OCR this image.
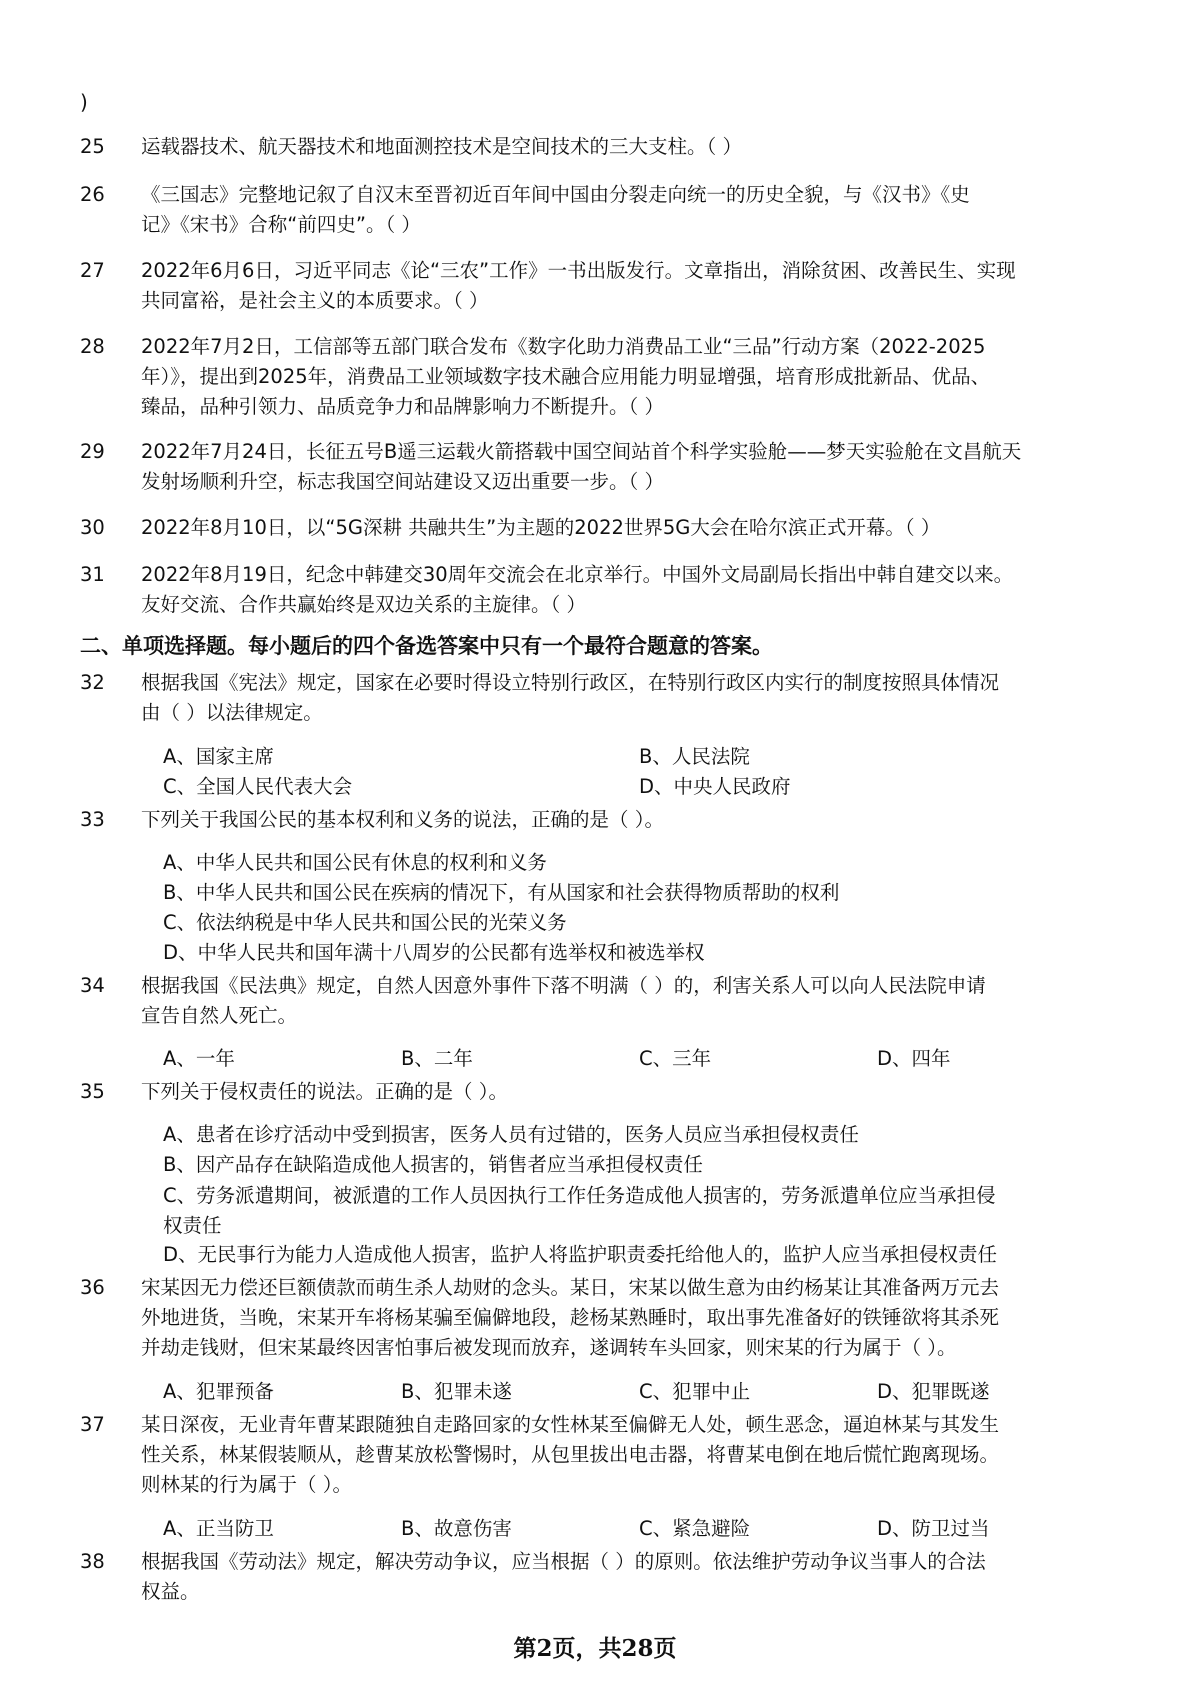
)
25 运载器技术、航天器技术和地面测控技术是空间技术的三大支柱。（ ）
26 《三国志》完整地记叙了自汉末至晋初近百年间中国由分裂走向统一的历史全貌，与《汉书》《史
记》《宋书》合称“前四史”。（ ）
27 2022年6月6日，习近平同志《论“三农”工作》一书出版发行。文章指出，消除贫困、改善民生、实现
共同富裕，是社会主义的本质要求。（ ）
28 2022年7月2日，工信部等五部门联合发布《数字化助力消费品工业“三品”行动方案（2022-2025
年）》，提出到2025年，消费品工业领域数字技术融合应用能力明显增强，培育形成批新品、优品、
臻品，品种引领力、品质竞争力和品牌影响力不断提升。（ ）
29 2022年7月24日，长征五号B遥三运载火箭搭载中国空间站首个科学实验舱——梦天实验舱在文昌航天
发射场顺利升空，标志我国空间站建设又迈出重要一步。（ ）
30 2022年8月10日，以“5G深耕 共融共生”为主题的2022世界5G大会在哈尔滨正式开幕。（ ）
31 2022年8月19日，纪念中韩建交30周年交流会在北京举行。中国外文局副局长指出中韩自建交以来。
友好交流、合作共赢始终是双边关系的主旋律。（ ）
二、单项选择题。每小题后的四个备选答案中只有一个最符合题意的答案。
32 根据我国《宪法》规定，国家在必要时得设立特别行政区，在特别行政区内实行的制度按照具体情况
由（ ）以法律规定。
A、国家主席	B、人民法院
C、全国人民代表大会	D、中央人民政府
33 下列关于我国公民的基本权利和义务的说法，正确的是（ ）。
A、中华人民共和国公民有休息的权利和义务
B、中华人民共和国公民在疾病的情况下，有从国家和社会获得物质帮助的权利
C、依法纳税是中华人民共和国公民的光荣义务
D、中华人民共和国年满十八周岁的公民都有选举权和被选举权
34 根据我国《民法典》规定，自然人因意外事件下落不明满（ ）的，利害关系人可以向人民法院申请
宣告自然人死亡。
A、一年	B、二年	C、三年	D、四年
35 下列关于侵权责任的说法。正确的是（ ）。
A、患者在诊疗活动中受到损害，医务人员有过错的，医务人员应当承担侵权责任
B、因产品存在缺陷造成他人损害的，销售者应当承担侵权责任
C、劳务派遣期间，被派遣的工作人员因执行工作任务造成他人损害的，劳务派遣单位应当承担侵
权责任
D、无民事行为能力人造成他人损害，监护人将监护职责委托给他人的，监护人应当承担侵权责任
36 宋某因无力偿还巨额债款而萌生杀人劫财的念头。某日，宋某以做生意为由约杨某让其准备两万元去
外地进货，当晚，宋某开车将杨某骗至偏僻地段，趁杨某熟睡时，取出事先准备好的铁锤欲将其杀死
并劫走钱财，但宋某最终因害怕事后被发现而放弃，遂调转车头回家，则宋某的行为属于（ ）。
A、犯罪预备	B、犯罪未遂	C、犯罪中止	D、犯罪既遂
37 某日深夜，无业青年曹某跟随独自走路回家的女性林某至偏僻无人处，顿生恶念，逼迫林某与其发生
性关系，林某假装顺从，趁曹某放松警惕时，从包里拔出电击器，将曹某电倒在地后慌忙跑离现场。
则林某的行为属于（ ）。
A、正当防卫	B、故意伤害	C、紧急避险	D、防卫过当
38 根据我国《劳动法》规定，解决劳动争议，应当根据（ ）的原则。依法维护劳动争议当事人的合法
权益。
第2页，共28页
